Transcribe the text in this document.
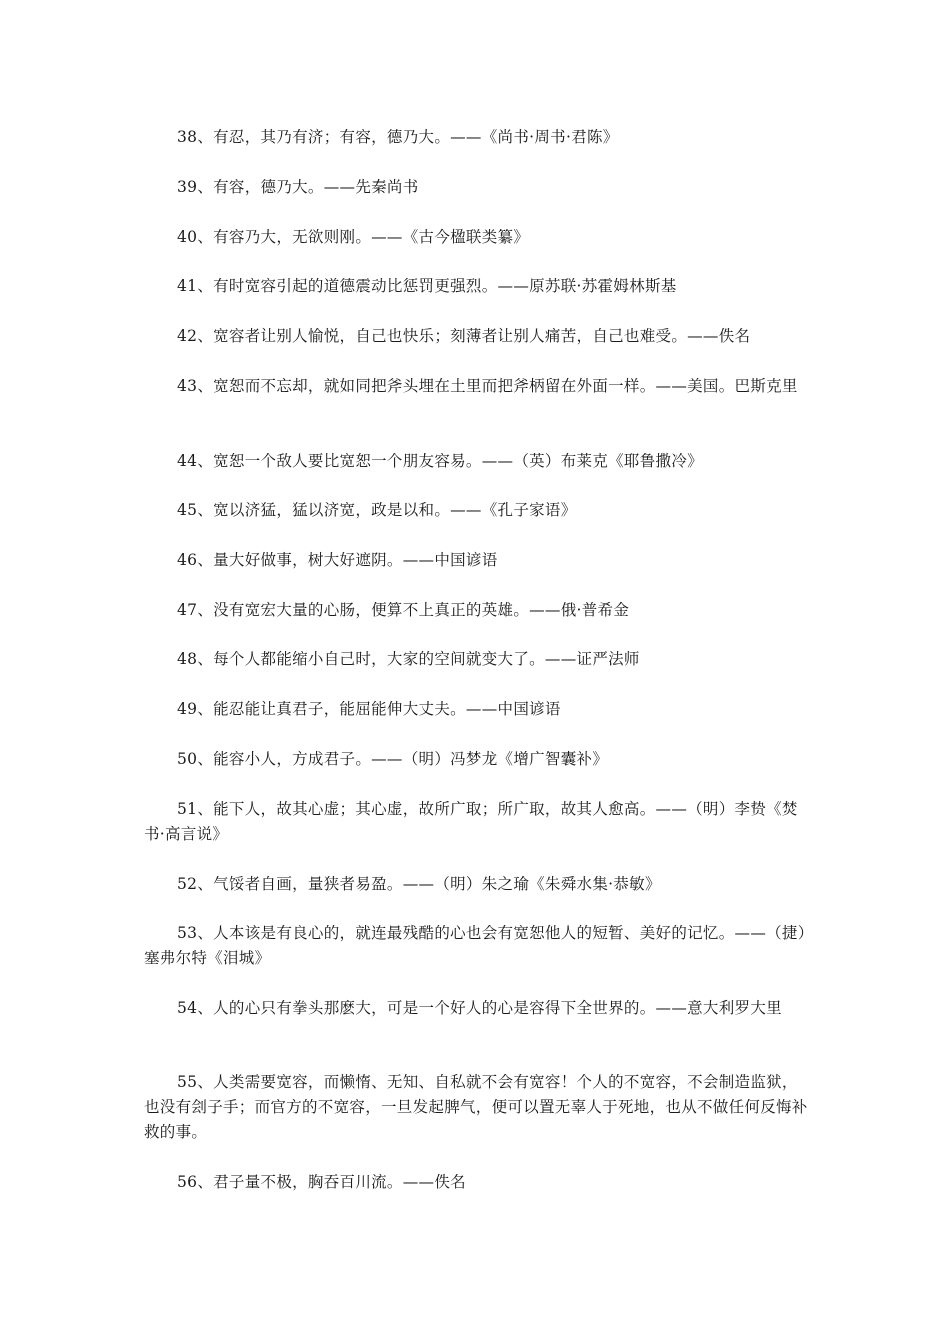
38、有忍，其乃有济；有容，德乃大。——《尚书·周书·君陈》

39、有容，德乃大。——先秦尚书

40、有容乃大，无欲则刚。——《古今楹联类纂》

41、有时宽容引起的道德震动比惩罚更强烈。——原苏联·苏霍姆林斯基

42、宽容者让别人愉悦，自己也快乐；刻薄者让别人痛苦，自己也难受。——佚名

43、宽恕而不忘却，就如同把斧头埋在土里而把斧柄留在外面一样。——美国。巴斯克里

44、宽恕一个敌人要比宽恕一个朋友容易。——（英）布莱克《耶鲁撒冷》

45、宽以济猛，猛以济宽，政是以和。——《孔子家语》

46、量大好做事，树大好遮阴。——中国谚语

47、没有宽宏大量的心肠，便算不上真正的英雄。——俄·普希金

48、每个人都能缩小自己时，大家的空间就变大了。——证严法师

49、能忍能让真君子，能屈能伸大丈夫。——中国谚语

50、能容小人，方成君子。——（明）冯梦龙《增广智囊补》

51、能下人，故其心虚；其心虚，故所广取；所广取，故其人愈高。——（明）李贽《焚书·高言说》

52、气馁者自画，量狭者易盈。——（明）朱之瑜《朱舜水集·恭敏》

53、人本该是有良心的，就连最残酷的心也会有宽恕他人的短暂、美好的记忆。——（捷）塞弗尔特《泪城》

54、人的心只有拳头那麽大，可是一个好人的心是容得下全世界的。——意大利罗大里

55、人类需要宽容，而懒惰、无知、自私就不会有宽容！个人的不宽容，不会制造监狱，也没有刽子手；而官方的不宽容，一旦发起脾气，便可以置无辜人于死地，也从不做任何反悔补救的事。

56、君子量不极，胸吞百川流。——佚名
